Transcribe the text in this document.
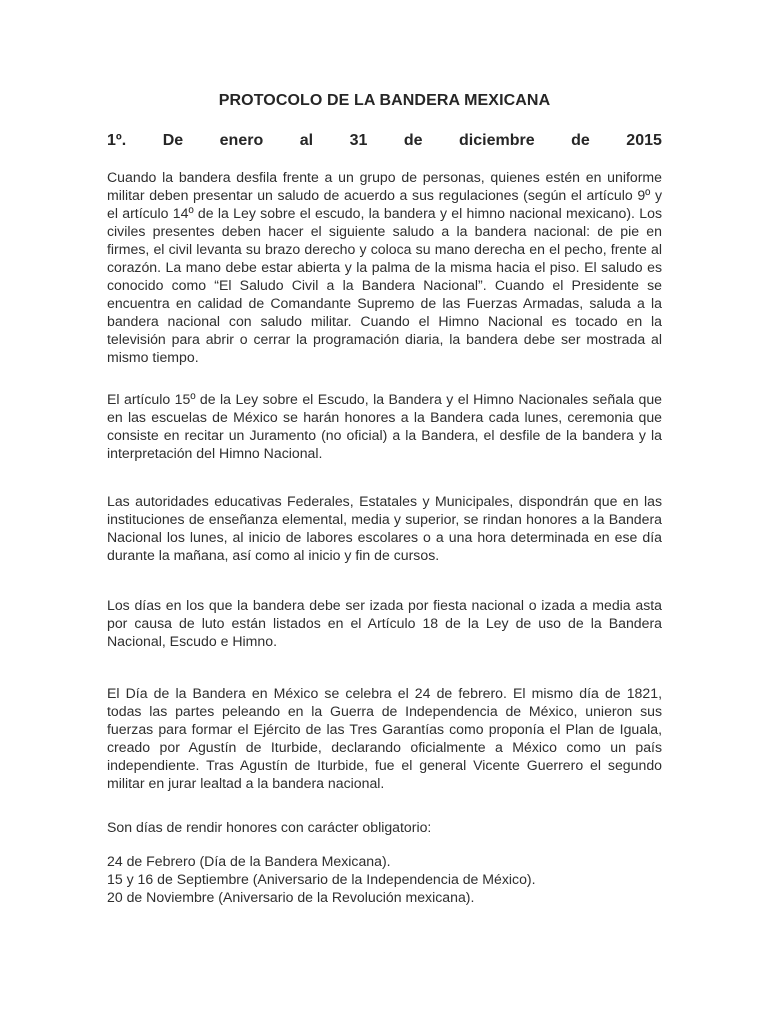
PROTOCOLO DE LA BANDERA MEXICANA
1º. De enero al 31 de diciembre de 2015

Cuando la bandera desfila frente a un grupo de personas, quienes estén en uniforme militar deben presentar un saludo de acuerdo a sus regulaciones (según el artículo 9º y el artículo 14º de la Ley sobre el escudo, la bandera y el himno nacional mexicano). Los civiles presentes deben hacer el siguiente saludo a la bandera nacional: de pie en firmes, el civil levanta su brazo derecho y coloca su mano derecha en el pecho, frente al corazón. La mano debe estar abierta y la palma de la misma hacia el piso. El saludo es conocido como “El Saludo Civil a la Bandera Nacional”. Cuando el Presidente se encuentra en calidad de Comandante Supremo de las Fuerzas Armadas, saluda a la bandera nacional con saludo militar. Cuando el Himno Nacional es tocado en la televisión para abrir o cerrar la programación diaria, la bandera debe ser mostrada al mismo tiempo.

El artículo 15º de la Ley sobre el Escudo, la Bandera y el Himno Nacionales señala que en las escuelas de México se harán honores a la Bandera cada lunes, ceremonia que consiste en recitar un Juramento (no oficial) a la Bandera, el desfile de la bandera y la interpretación del Himno Nacional.

Las autoridades educativas Federales, Estatales y Municipales, dispondrán que en las instituciones de enseñanza elemental, media y superior, se rindan honores a la Bandera Nacional los lunes, al inicio de labores escolares o a una hora determinada en ese día durante la mañana, así como al inicio y fin de cursos.

Los días en los que la bandera debe ser izada por fiesta nacional o izada a media asta por causa de luto están listados en el Artículo 18 de la Ley de uso de la Bandera Nacional, Escudo e Himno.

El Día de la Bandera en México se celebra el 24 de febrero. El mismo día de 1821, todas las partes peleando en la Guerra de Independencia de México, unieron sus fuerzas para formar el Ejército de las Tres Garantías como proponía el Plan de Iguala, creado por Agustín de Iturbide, declarando oficialmente a México como un país independiente. Tras Agustín de Iturbide, fue el general Vicente Guerrero el segundo militar en jurar lealtad a la bandera nacional.

Son días de rendir honores con carácter obligatorio:

24 de Febrero (Día de la Bandera Mexicana).
15 y 16 de Septiembre (Aniversario de la Independencia de México).
20 de Noviembre (Aniversario de la Revolución mexicana).
